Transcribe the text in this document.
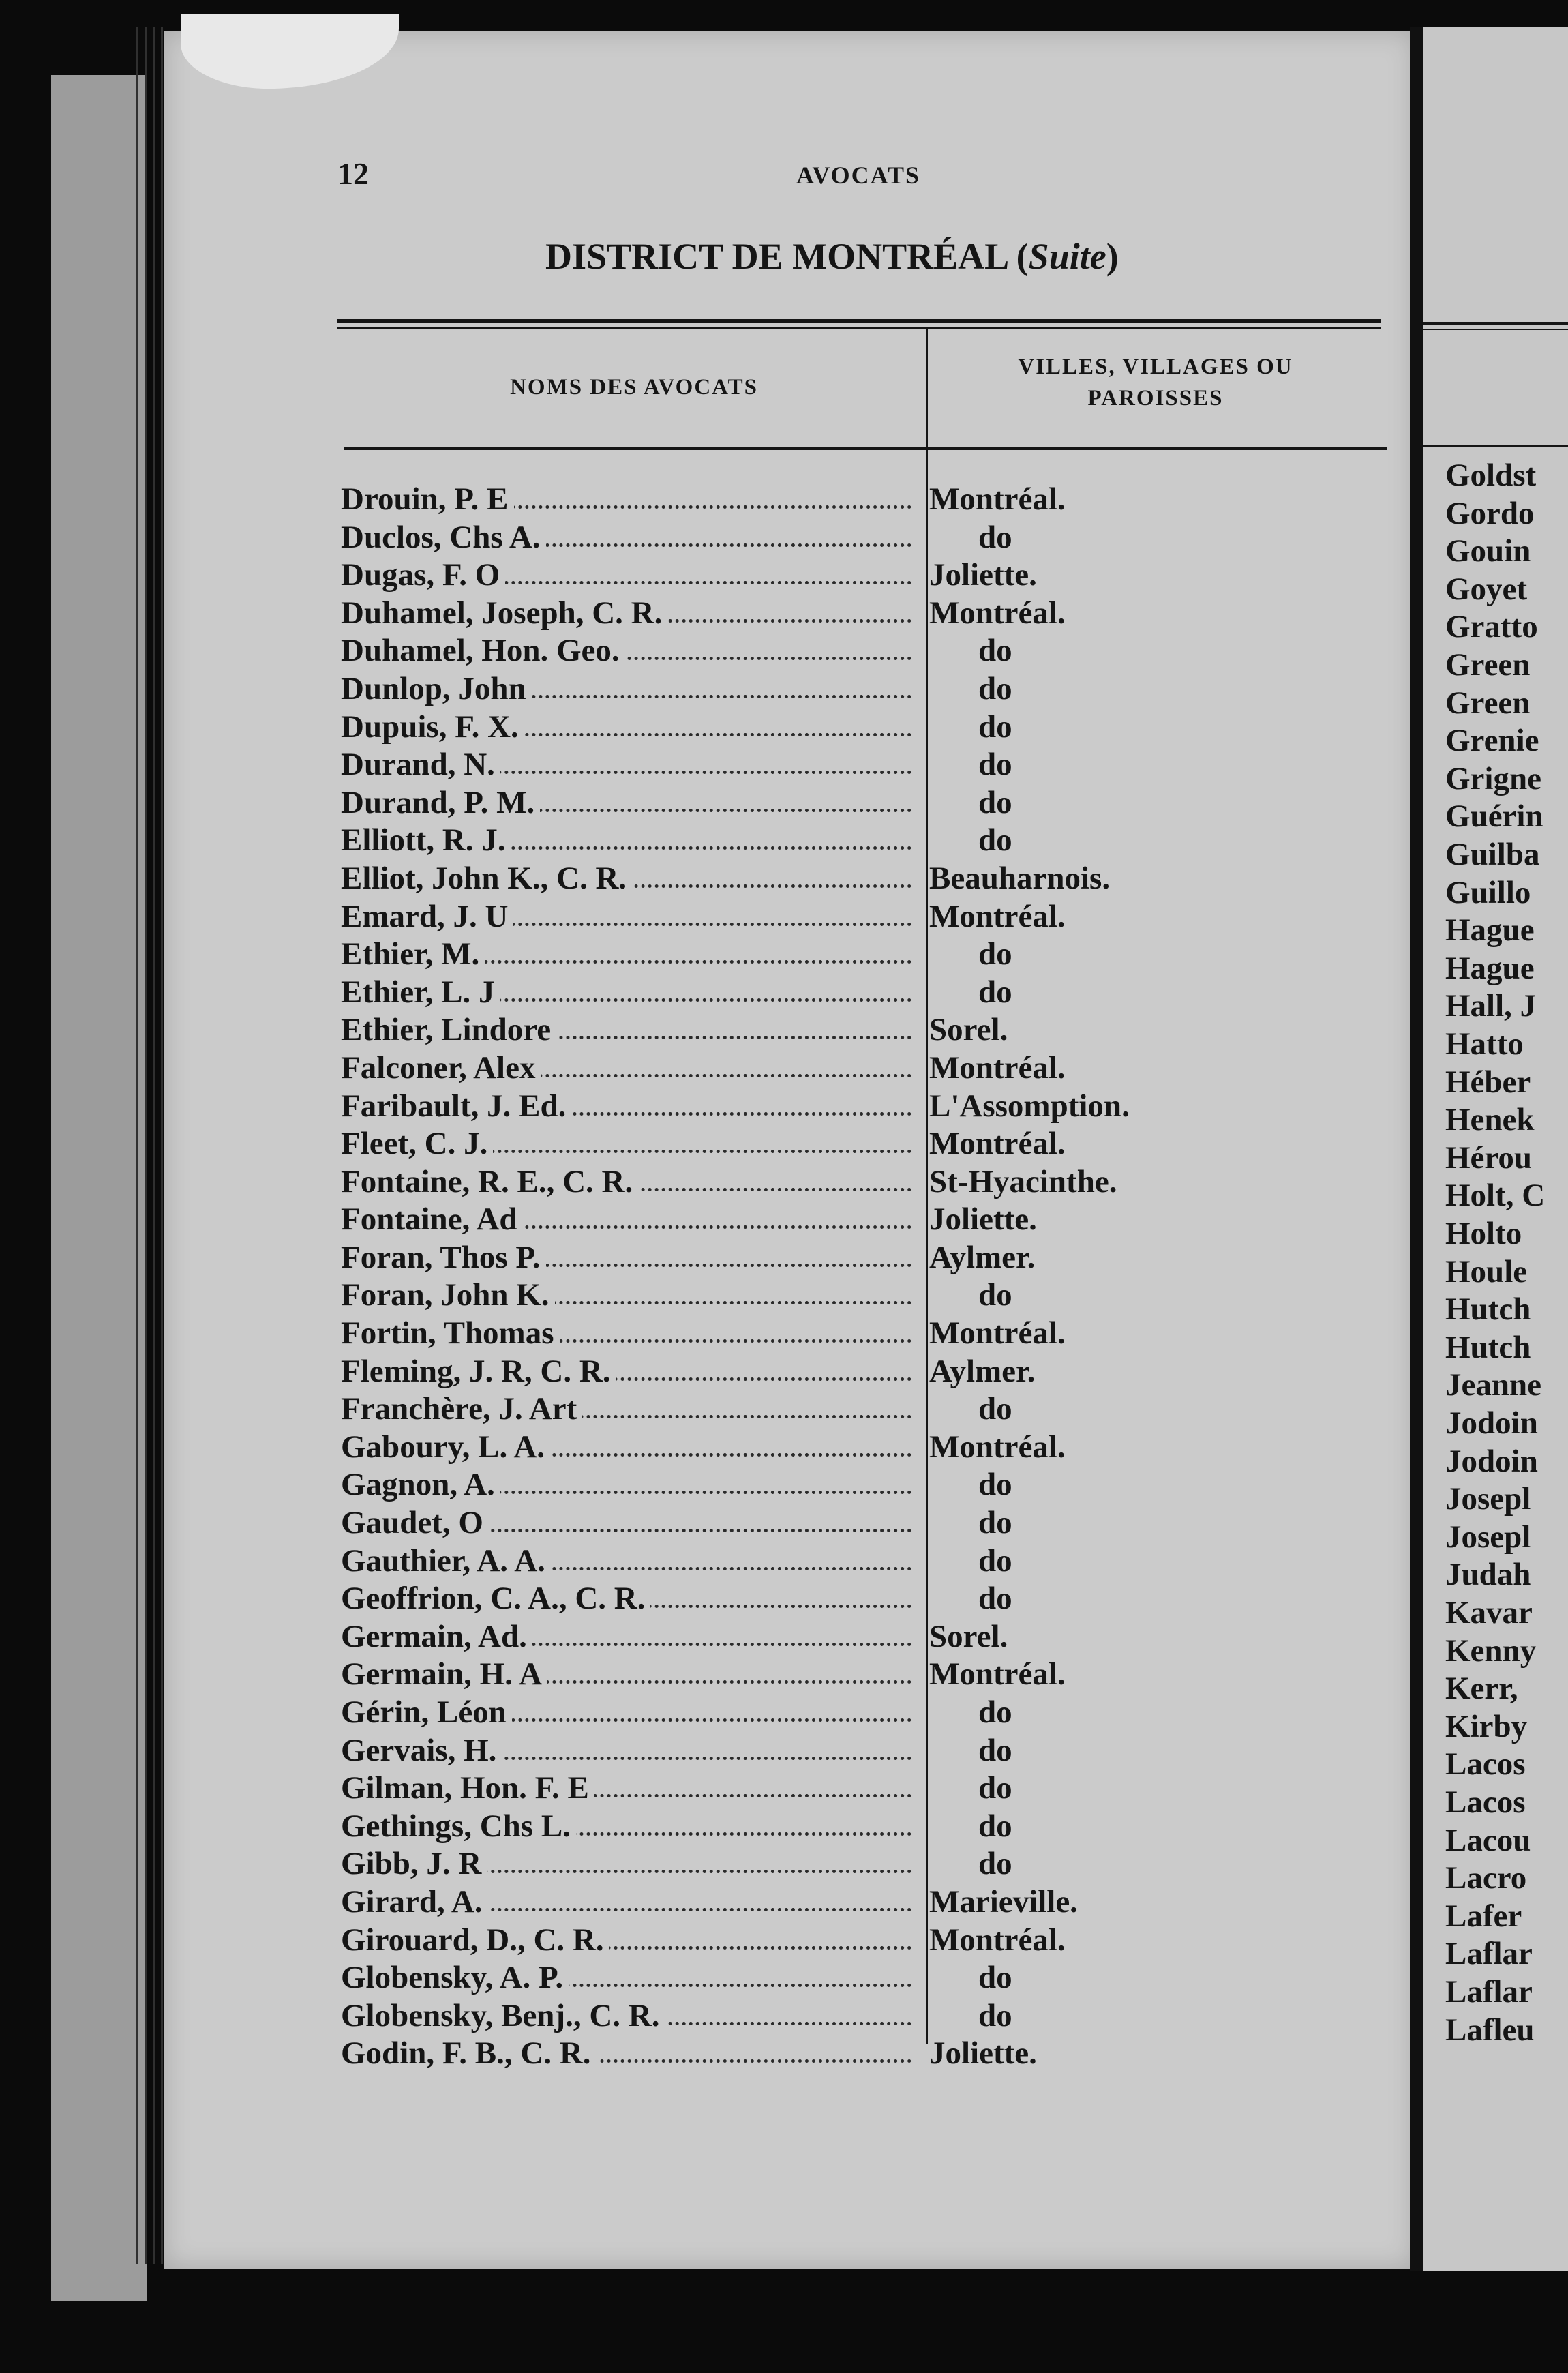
Goldst
Gordo
Gouin
Goyet
Gratto
Green
Green
Grenie
Grigne
Guérin
Guilba
Guillo
Hague
Hague
Hall, J
Hatto
Héber
Henek
Hérou
Holt, C
Holto
Houle
Hutch
Hutch
Jeanne
Jodoin
Jodoin
Josepl
Josepl
Judah
Kavar
Kenny
Kerr,
Kirby
Lacos
Lacos
Lacou
Lacro
Lafer
Laflar
Laflar
Lafleu
12	AVOCATS
DISTRICT DE MONTRÉAL (Suite)
NOMS DES AVOCATS
VILLES, VILLAGES OU
PAROISSES
Drouin, P. E	Montréal.
Duclos, Chs A.	do
Dugas, F. O	Joliette.
Duhamel, Joseph, C. R.	Montréal.
Duhamel, Hon. Geo.	do
Dunlop, John	do
Dupuis, F. X.	do
Durand, N.	do
Durand, P. M.	do
Elliott, R. J.	do
Elliot, John K., C. R.	Beauharnois.
Emard, J. U	Montréal.
Ethier, M.	do
Ethier, L. J	do
Ethier, Lindore	Sorel.
Falconer, Alex	Montréal.
Faribault, J. Ed.	L'Assomption.
Fleet, C. J.	Montréal.
Fontaine, R. E., C. R.	St-Hyacinthe.
Fontaine, Ad	Joliette.
Foran, Thos P.	Aylmer.
Foran, John K.	do
Fortin, Thomas	Montréal.
Fleming, J. R, C. R.	Aylmer.
Franchère, J. Art	do
Gaboury, L. A.	Montréal.
Gagnon, A.	do
Gaudet, O	do
Gauthier, A. A.	do
Geoffrion, C. A., C. R.	do
Germain, Ad.	Sorel.
Germain, H. A	Montréal.
Gérin, Léon	do
Gervais, H.	do
Gilman, Hon. F. E	do
Gethings, Chs L.	do
Gibb, J. R	do
Girard, A.	Marieville.
Girouard, D., C. R.	Montréal.
Globensky, A. P.	do
Globensky, Benj., C. R.	do
Godin, F. B., C. R.	Joliette.
